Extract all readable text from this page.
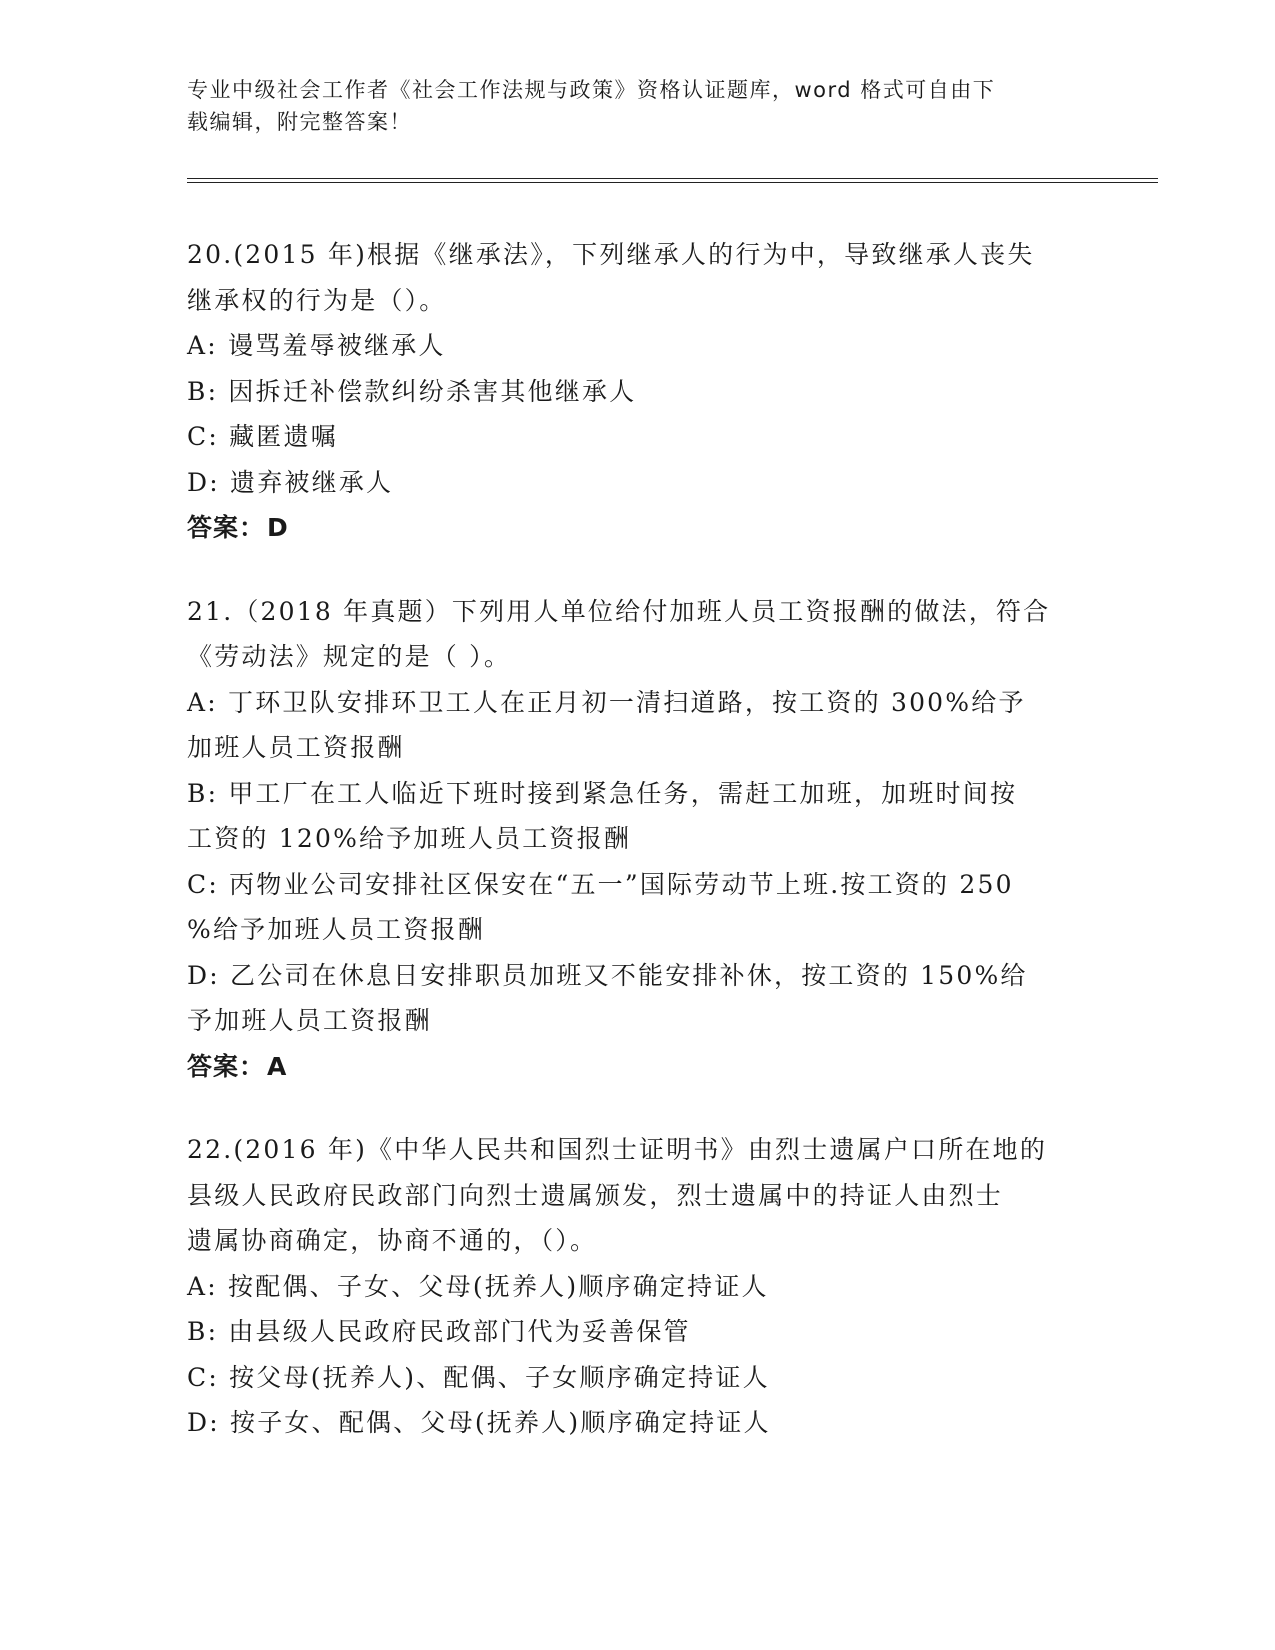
专业中级社会工作者《社会工作法规与政策》资格认证题库，word 格式可自由下
载编辑，附完整答案！

20.(2015 年)根据《继承法》，下列继承人的行为中，导致继承人丧失
继承权的行为是（）。

A: 谩骂羞辱被继承人

B: 因拆迁补偿款纠纷杀害其他继承人

C: 藏匿遗嘱

D: 遗弃被继承人

答案：D

21.（2018 年真题）下列用人单位给付加班人员工资报酬的做法，符合
《劳动法》规定的是（ ）。

A: 丁环卫队安排环卫工人在正月初一清扫道路，按工资的 300%给予
加班人员工资报酬

B: 甲工厂在工人临近下班时接到紧急任务，需赶工加班，加班时间按
工资的 120%给予加班人员工资报酬

C: 丙物业公司安排社区保安在“五一”国际劳动节上班.按工资的 250
%给予加班人员工资报酬

D: 乙公司在休息日安排职员加班又不能安排补休，按工资的 150%给
予加班人员工资报酬

答案：A

22.(2016 年)《中华人民共和国烈士证明书》由烈士遗属户口所在地的
县级人民政府民政部门向烈士遗属颁发，烈士遗属中的持证人由烈士
遗属协商确定，协商不通的，（）。

A: 按配偶、子女、父母(抚养人)顺序确定持证人

B: 由县级人民政府民政部门代为妥善保管

C: 按父母(抚养人)、配偶、子女顺序确定持证人

D: 按子女、配偶、父母(抚养人)顺序确定持证人
